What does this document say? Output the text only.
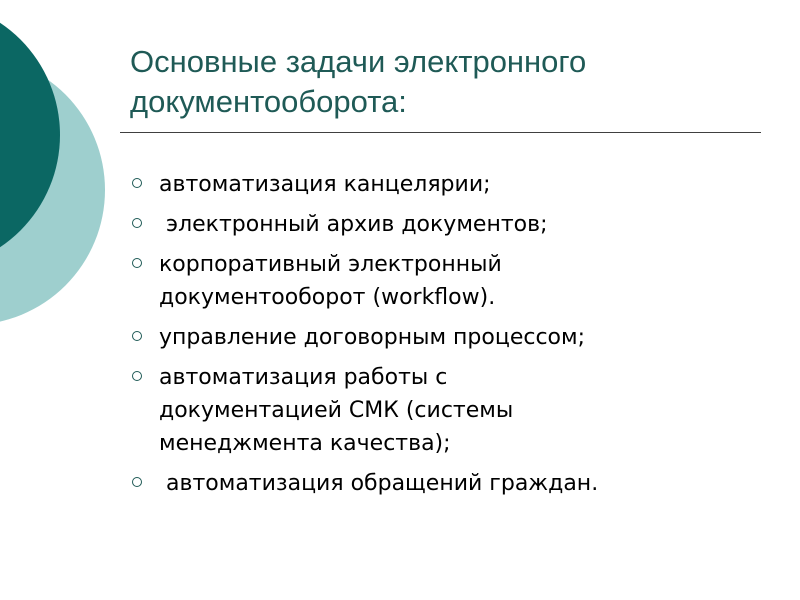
Основные задачи электронного
документооборота:
автоматизация канцелярии;
электронный архив документов;
корпоративный электронный
документооборот (workflow).
управление договорным процессом;
автоматизация работы с
документацией СМК (системы
менеджмента качества);
автоматизация обращений граждан.
